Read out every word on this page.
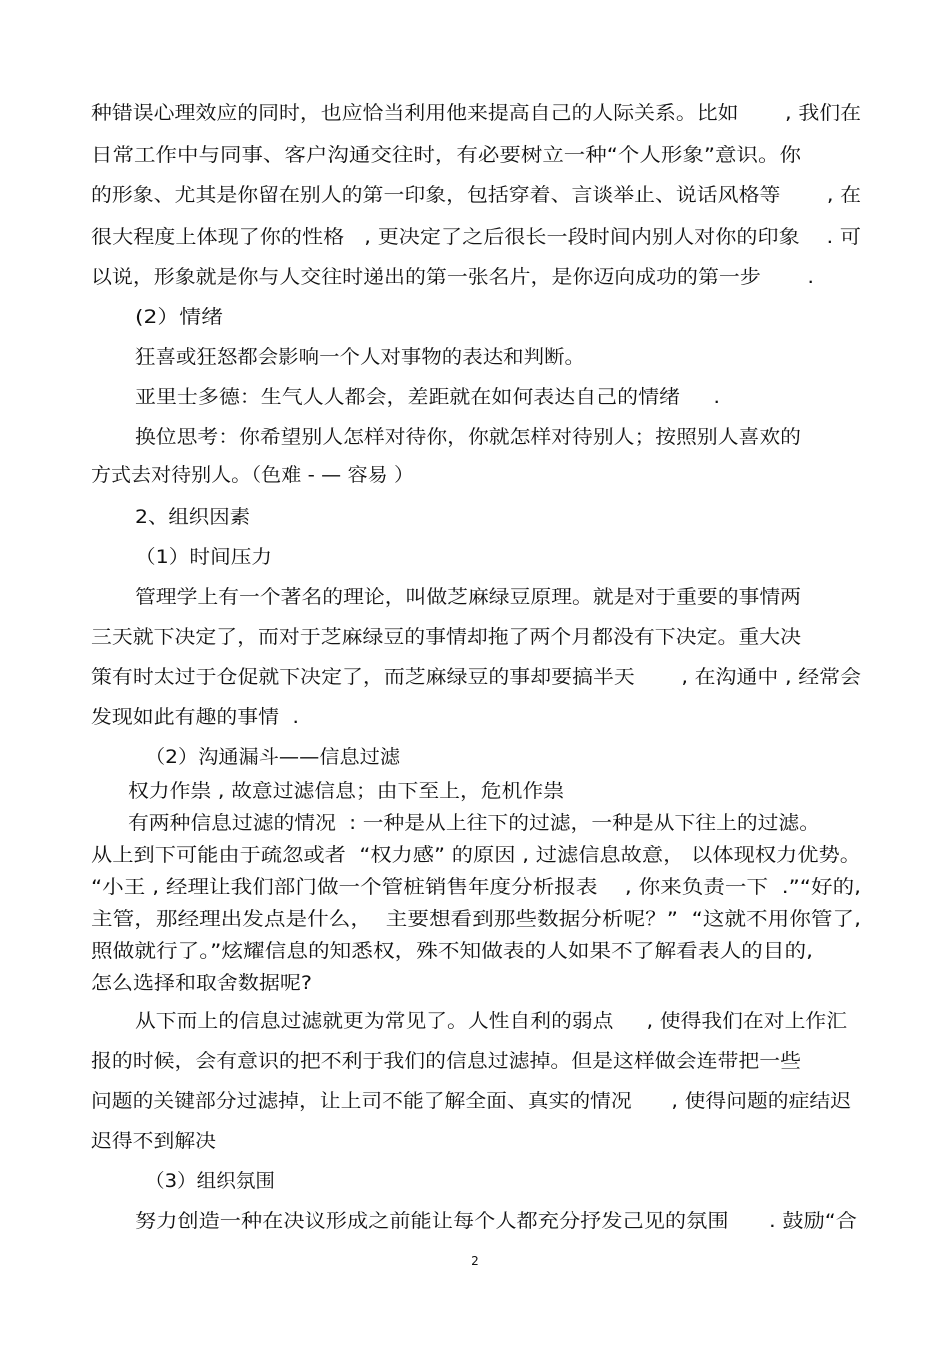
种错误心理效应的同时，也应恰当利用他来提高自己的人际关系。比如       , 我们在
日常工作中与同事、客户沟通交往时，有必要树立一种“个人形象”意识。你
的形象、尤其是你留在别人的第一印象，包括穿着、言谈举止、说话风格等       , 在
很大程度上体现了你的性格   , 更决定了之后很长一段时间内别人对你的印象    . 可
以说，形象就是你与人交往时递出的第一张名片，是你迈向成功的第一步       .
(2）情绪
狂喜或狂怒都会影响一个人对事物的表达和判断。
亚里士多德：生气人人都会，差距就在如何表达自己的情绪     .
换位思考：你希望别人怎样对待你，你就怎样对待别人；按照别人喜欢的
方式去对待别人。（色难 - — 容易 ）
2、组织因素
（1）时间压力
管理学上有一个著名的理论，叫做芝麻绿豆原理。就是对于重要的事情两
三天就下决定了，而对于芝麻绿豆的事情却拖了两个月都没有下决定。重大决
策有时太过于仓促就下决定了，而芝麻绿豆的事却要搞半天       , 在沟通中 , 经常会
发现如此有趣的事情  .
（2）沟通漏斗——信息过滤
权力作祟 , 故意过滤信息；由下至上，危机作祟
有两种信息过滤的情况  : 一种是从上往下的过滤，一种是从下往上的过滤。
从上到下可能由于疏忽或者  “权力感” 的原因 , 过滤信息故意， 以体现权力优势。
“小王 , 经理让我们部门做一个管桩销售年度分析报表    , 你来负责一下  .”“好的,
主管，那经理出发点是什么，  主要想看到那些数据分析呢？”  “这就不用你管了,
照做就行了。”炫耀信息的知悉权，殊不知做表的人如果不了解看表人的目的,
怎么选择和取舍数据呢?
从下而上的信息过滤就更为常见了。人性自利的弱点     , 使得我们在对上作汇
报的时候，会有意识的把不利于我们的信息过滤掉。但是这样做会连带把一些
问题的关键部分过滤掉，让上司不能了解全面、真实的情况      , 使得问题的症结迟
迟得不到解决
（3）组织氛围
努力创造一种在决议形成之前能让每个人都充分抒发己见的氛围      . 鼓励“合
2
